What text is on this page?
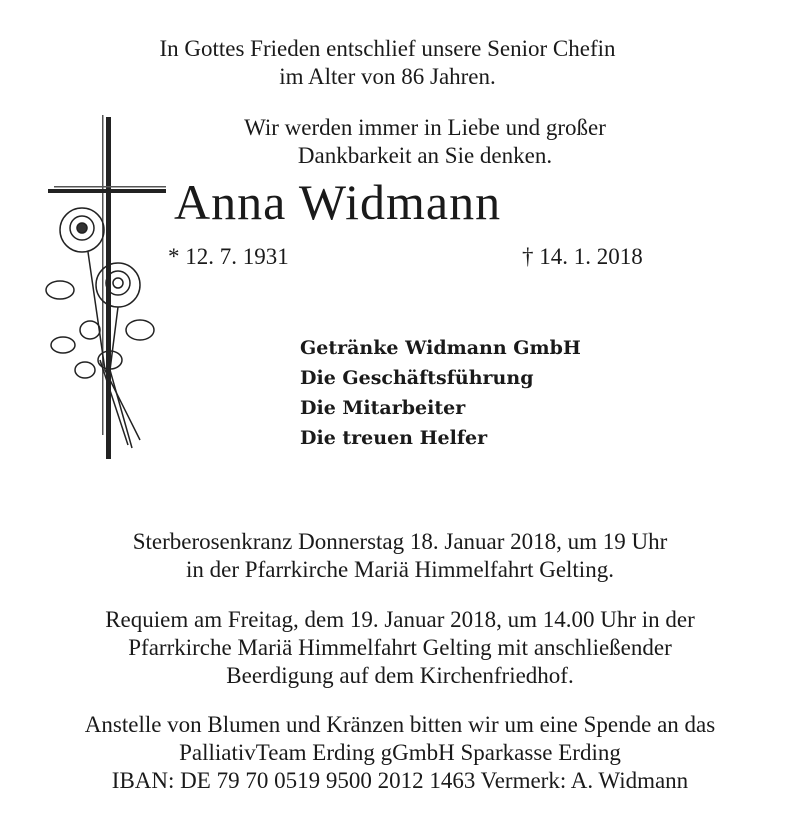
In Gottes Frieden entschlief unsere Senior Chefin
im Alter von 86 Jahren.
Wir werden immer in Liebe und großer
Dankbarkeit an Sie denken.
Anna Widmann
* 12. 7. 1931	† 14. 1. 2018
Getränke Widmann GmbH
Die Geschäftsführung
Die Mitarbeiter
Die treuen Helfer
Sterberosenkranz Donnerstag 18. Januar 2018, um 19 Uhr
in der Pfarrkirche Mariä Himmelfahrt Gelting.
Requiem am Freitag, dem 19. Januar 2018, um 14.00 Uhr in der
Pfarrkirche Mariä Himmelfahrt Gelting mit anschließender
Beerdigung auf dem Kirchenfriedhof.
Anstelle von Blumen und Kränzen bitten wir um eine Spende an das
PalliativTeam Erding gGmbH Sparkasse Erding
IBAN: DE 79 70 0519 9500 2012 1463 Vermerk: A. Widmann
